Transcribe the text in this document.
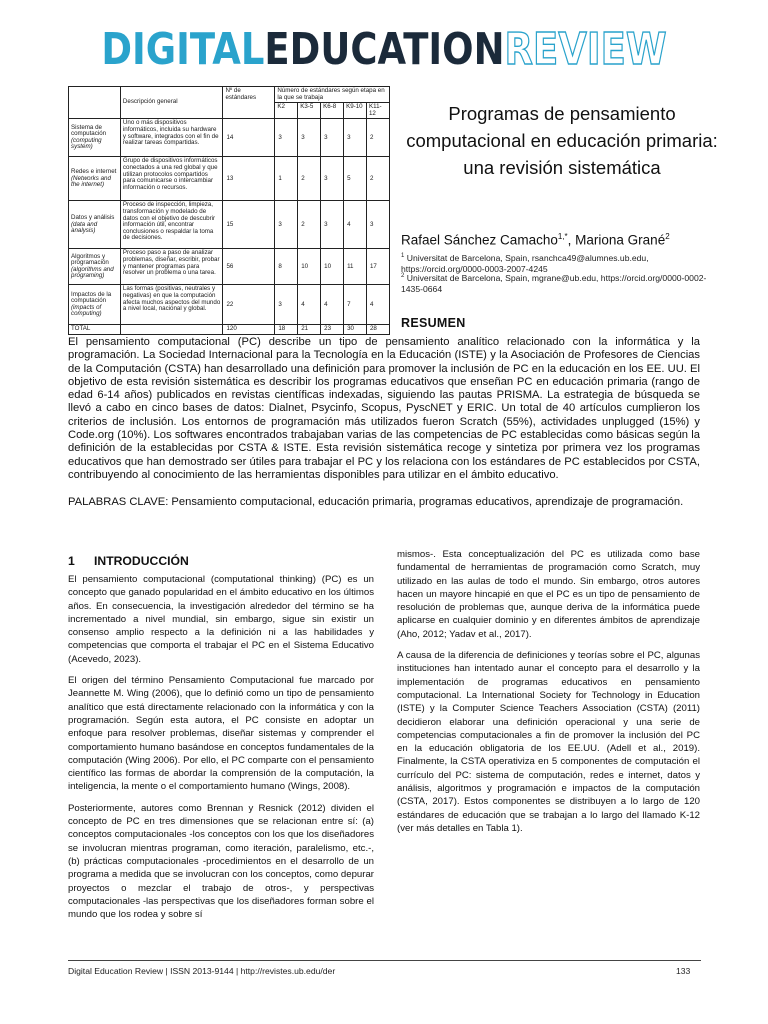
DIGITALEDUCATIONREVIEW
	Descripción general	Nº de estándares	Número de estándares según etapa en la que se trabaja				
			K2	K3-5	K6-8	K9-10	K11-12
Sistema de computación (computing system)	Uno o más dispositivos informáticos, incluida su hardware y software, integrados con el fin de realizar tareas compartidas.	14	3	3	3	3	2
Redes e internet (Networks and the internet)	Grupo de dispositivos informáticos conectados a una red global y que utilizan protocolos compartidos para comunicarse o intercambiar información o recursos.	13	1	2	3	5	2
Datos y análisis (data and analysis)	Proceso de inspección, limpieza, transformación y modelado de datos con el objetivo de descubrir información útil, encontrar conclusiones o respaldar la toma de decisiones.	15	3	2	3	4	3
Algoritmos y programación (algorithms and programing)	Proceso paso a paso de analizar problemas, diseñar, escribir, probar y mantener programas para resolver un problema o una tarea.	56	8	10	10	11	17
Impactos de la computación (impacts of computing)	Las formas (positivas, neutrales y negativas) en que la computación afecta muchos aspectos del mundo a nivel local, nacional y global.	22	3	4	4	7	4
TOTAL		120	18	21	23	30	28
Programas de pensamiento computacional en educación primaria: una revisión sistemática
Rafael Sánchez Camacho$^{1,*}$, Mariona Grané$^2$
$^1$ Universitat de Barcelona, Spain, rsanchca49@alumnes.ub.edu, https://orcid.org/0000-0003-2007-4245
$^2$ Universitat de Barcelona, Spain, mgrane@ub.edu, https://orcid.org/0000-0002-1435-0664
RESUMEN
El pensamiento computacional (PC) describe un tipo de pensamiento analítico relacionado con la informática y la programación. La Sociedad Internacional para la Tecnología en la Educación (ISTE) y la Asociación de Profesores de Ciencias de la Computación (CSTA) han desarrollado una definición para promover la inclusión de PC en la educación en los EE. UU. El objetivo de esta revisión sistemática es describir los programas educativos que enseñan PC en educación primaria (rango de edad 6-14 años) publicados en revistas científicas indexadas, siguiendo las pautas PRISMA. La estrategia de búsqueda se llevó a cabo en cinco bases de datos: Dialnet, Psycinfo, Scopus, PyscNET y ERIC. Un total de 40 artículos cumplieron los criterios de inclusión. Los entornos de programación más utilizados fueron Scratch (55%), actividades unplugged (15%) y Code.org (10%). Los softwares encontrados trabajaban varias de las competencias de PC establecidas como básicas según la definición de la establecidas por CSTA & ISTE. Esta revisión sistemática recoge y sintetiza por primera vez los programas educativos que han demostrado ser útiles para trabajar el PC y los relaciona con los estándares de PC establecidos por CSTA, contribuyendo al conocimiento de las herramientas disponibles para utilizar en el ámbito educativo.
PALABRAS CLAVE: Pensamiento computacional, educación primaria, programas educativos, aprendizaje de programación.
1 INTRODUCCIÓN

El pensamiento computacional (computational thinking) (PC) es un concepto que ganado popularidad en el ámbito educativo en los últimos años. En consecuencia, la investigación alrededor del término se ha incrementado a nivel mundial, sin embargo, sigue sin existir un consenso amplio respecto a la definición ni a las habilidades y competencias que comporta el trabajar el PC en el Sistema Educativo (Acevedo, 2023).

El origen del término Pensamiento Computacional fue marcado por Jeannette M. Wing (2006), que lo definió como un tipo de pensamiento analítico que está directamente relacionado con la informática y con la programación. Según esta autora, el PC consiste en adoptar un enfoque para resolver problemas, diseñar sistemas y comprender el comportamiento humano basándose en conceptos fundamentales de la computación (Wing 2006). Por ello, el PC comparte con el pensamiento científico las formas de abordar la comprensión de la computación, la inteligencia, la mente o el comportamiento humano (Wings, 2008).

Posteriormente, autores como Brennan y Resnick (2012) dividen el concepto de PC en tres dimensiones que se relacionan entre sí: (a) conceptos computacionales -los conceptos con los que los diseñadores se involucran mientras programan, como iteración, paralelismo, etc.-, (b) prácticas computacionales -procedimientos en el desarrollo de un programa a medida que se involucran con los conceptos, como depurar proyectos o mezclar el trabajo de otros-, y perspectivas computacionales -las perspectivas que los diseñadores forman sobre el mundo que los rodea y sobre sí

mismos-. Esta conceptualización del PC es utilizada como base fundamental de herramientas de programación como Scratch, muy utilizado en las aulas de todo el mundo. Sin embargo, otros autores hacen un mayore hincapié en que el PC es un tipo de pensamiento de resolución de problemas que, aunque deriva de la informática puede aplicarse en cualquier dominio y en diferentes ámbitos de aprendizaje (Aho, 2012; Yadav et al., 2017).

A causa de la diferencia de definiciones y teorías sobre el PC, algunas instituciones han intentado aunar el concepto para el desarrollo y la implementación de programas educativos en pensamiento computacional. La International Society for Technology in Education (ISTE) y la Computer Science Teachers Association (CSTA) (2011) decidieron elaborar una definición operacional y una serie de competencias computacionales a fin de promover la inclusión del PC en la educación obligatoria de los EE.UU. (Adell et al., 2019). Finalmente, la CSTA operativiza en 5 componentes de computación el currículo del PC: sistema de computación, redes e internet, datos y análisis, algoritmos y programación e impactos de la computación (CSTA, 2017). Estos componentes se distribuyen a lo largo de 120 estándares de educación que se trabajan a lo largo del llamado K-12 (ver más detalles en Tabla 1).

Digital Education Review | ISSN 2013-9144 | http://revistes.ub.edu/der	133
